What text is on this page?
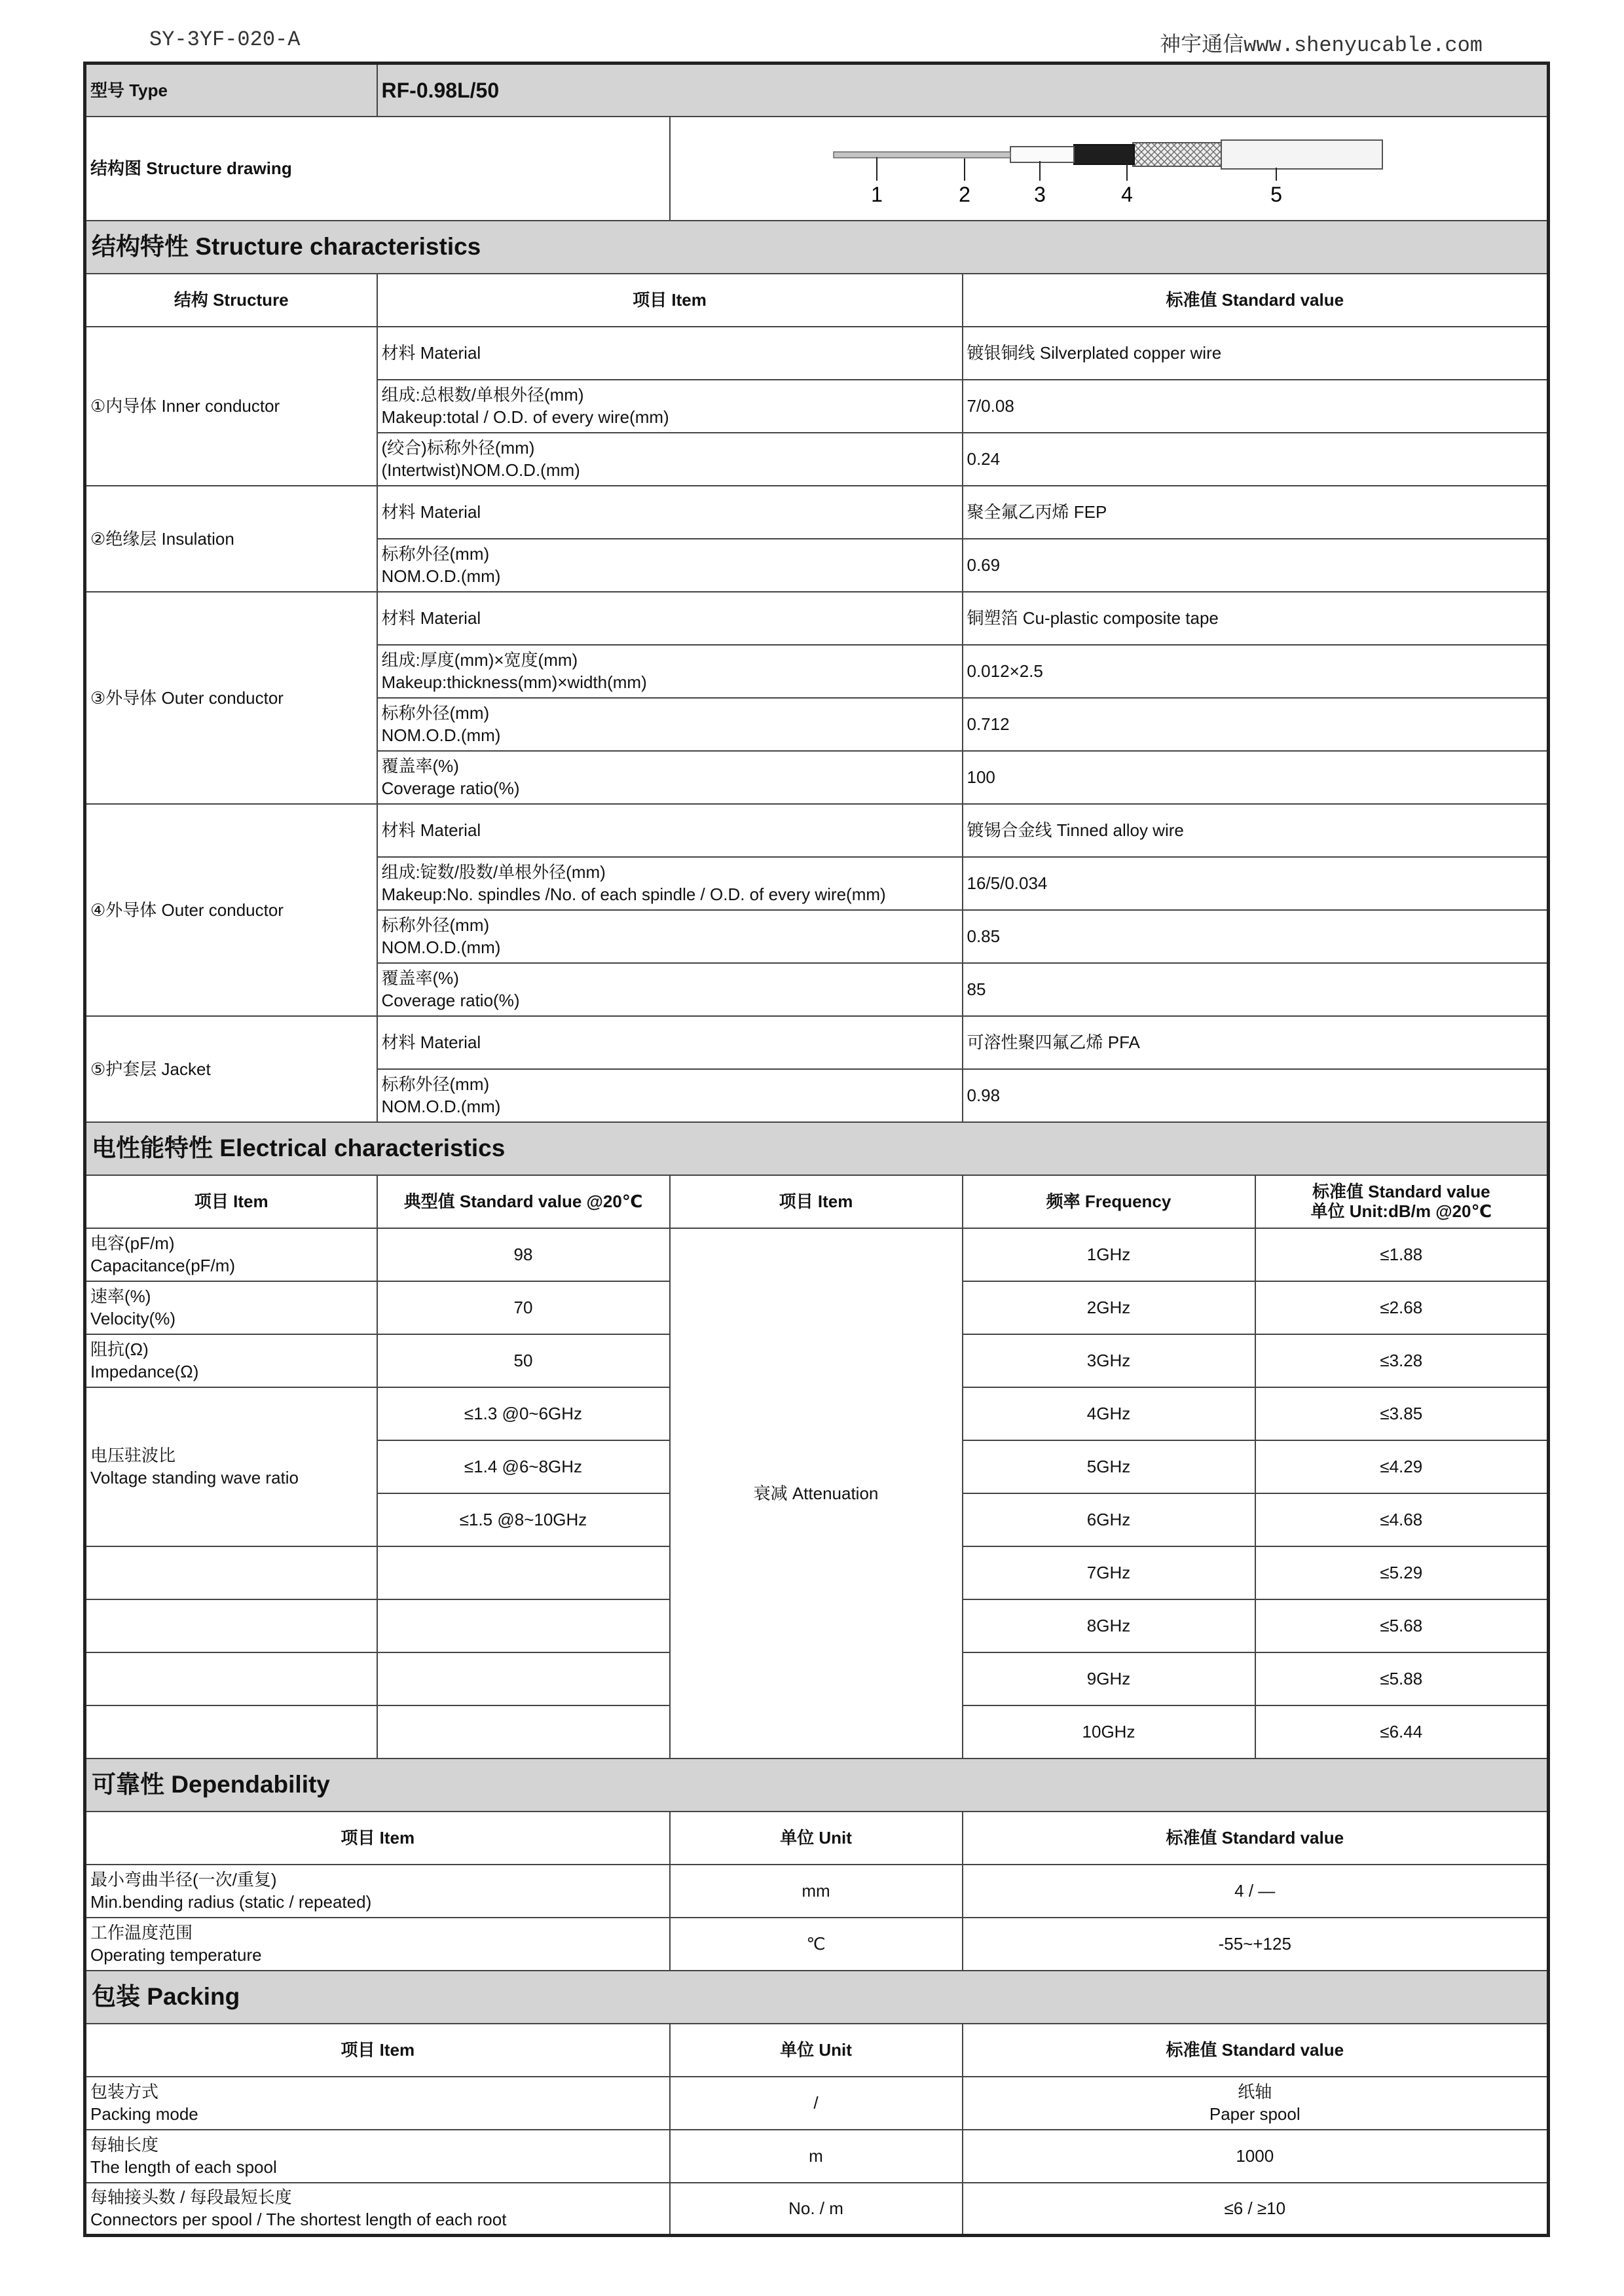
SY-3YF-020-A	神宇通信www.shenyucable.com
型号 Type	RF-0.98L/50			
结构图 Structure drawing		1 2 3 4 5		

结构特性 Structure characteristics				
结构 Structure	项目 Item		标准值 Standard value	
①内导体 Inner conductor	材料 Material		镀银铜线 Silverplated copper wire	
	组成:总根数/单根外径(mm)
Makeup:total / O.D. of every wire(mm)		7/0.08	
	(绞合)标称外径(mm)
(Intertwist)NOM.O.D.(mm)		0.24	
②绝缘层 Insulation	材料 Material		聚全氟乙丙烯 FEP	
	标称外径(mm)
NOM.O.D.(mm)		0.69	
③外导体 Outer conductor	材料 Material		铜塑箔 Cu-plastic composite tape	
	组成:厚度(mm)×宽度(mm)
Makeup:thickness(mm)×width(mm)		0.012×2.5	
	标称外径(mm)
NOM.O.D.(mm)		0.712	
	覆盖率(%)
Coverage ratio(%)		100	
④外导体 Outer conductor	材料 Material		镀锡合金线 Tinned alloy wire	
	组成:锭数/股数/单根外径(mm)
Makeup:No. spindles /No. of each spindle / O.D. of every wire(mm)		16/5/0.034	
	标称外径(mm)
NOM.O.D.(mm)		0.85	
	覆盖率(%)
Coverage ratio(%)		85	
⑤护套层 Jacket	材料 Material		可溶性聚四氟乙烯 PFA	
	标称外径(mm)
NOM.O.D.(mm)		0.98	
电性能特性 Electrical characteristics				
项目 Item	典型值 Standard value @20℃	项目 Item	频率 Frequency	标准值 Standard value
单位 Unit:dB/m @20℃
电容(pF/m)
Capacitance(pF/m)	98	衰减 Attenuation	1GHz	≤1.88
速率(%)
Velocity(%)	70		2GHz	≤2.68
阻抗(Ω)
Impedance(Ω)	50		3GHz	≤3.28
电压驻波比
Voltage standing wave ratio	≤1.3 @0~6GHz		4GHz	≤3.85
	≤1.4 @6~8GHz		5GHz	≤4.29
	≤1.5 @8~10GHz		6GHz	≤4.68
			7GHz	≤5.29
			8GHz	≤5.68
			9GHz	≤5.88
			10GHz	≤6.44
可靠性 Dependability				
项目 Item		单位 Unit	标准值 Standard value	
最小弯曲半径(一次/重复)
Min.bending radius (static / repeated)		mm	4 / —	
工作温度范围
Operating temperature		℃	-55~+125	
包装 Packing				
项目 Item		单位 Unit	标准值 Standard value	
包装方式
Packing mode		/	纸轴
Paper spool	
每轴长度
The length of each spool		m	1000	
每轴接头数 / 每段最短长度
Connectors per spool / The shortest length of each root		No. / m	≤6 / ≥10	
